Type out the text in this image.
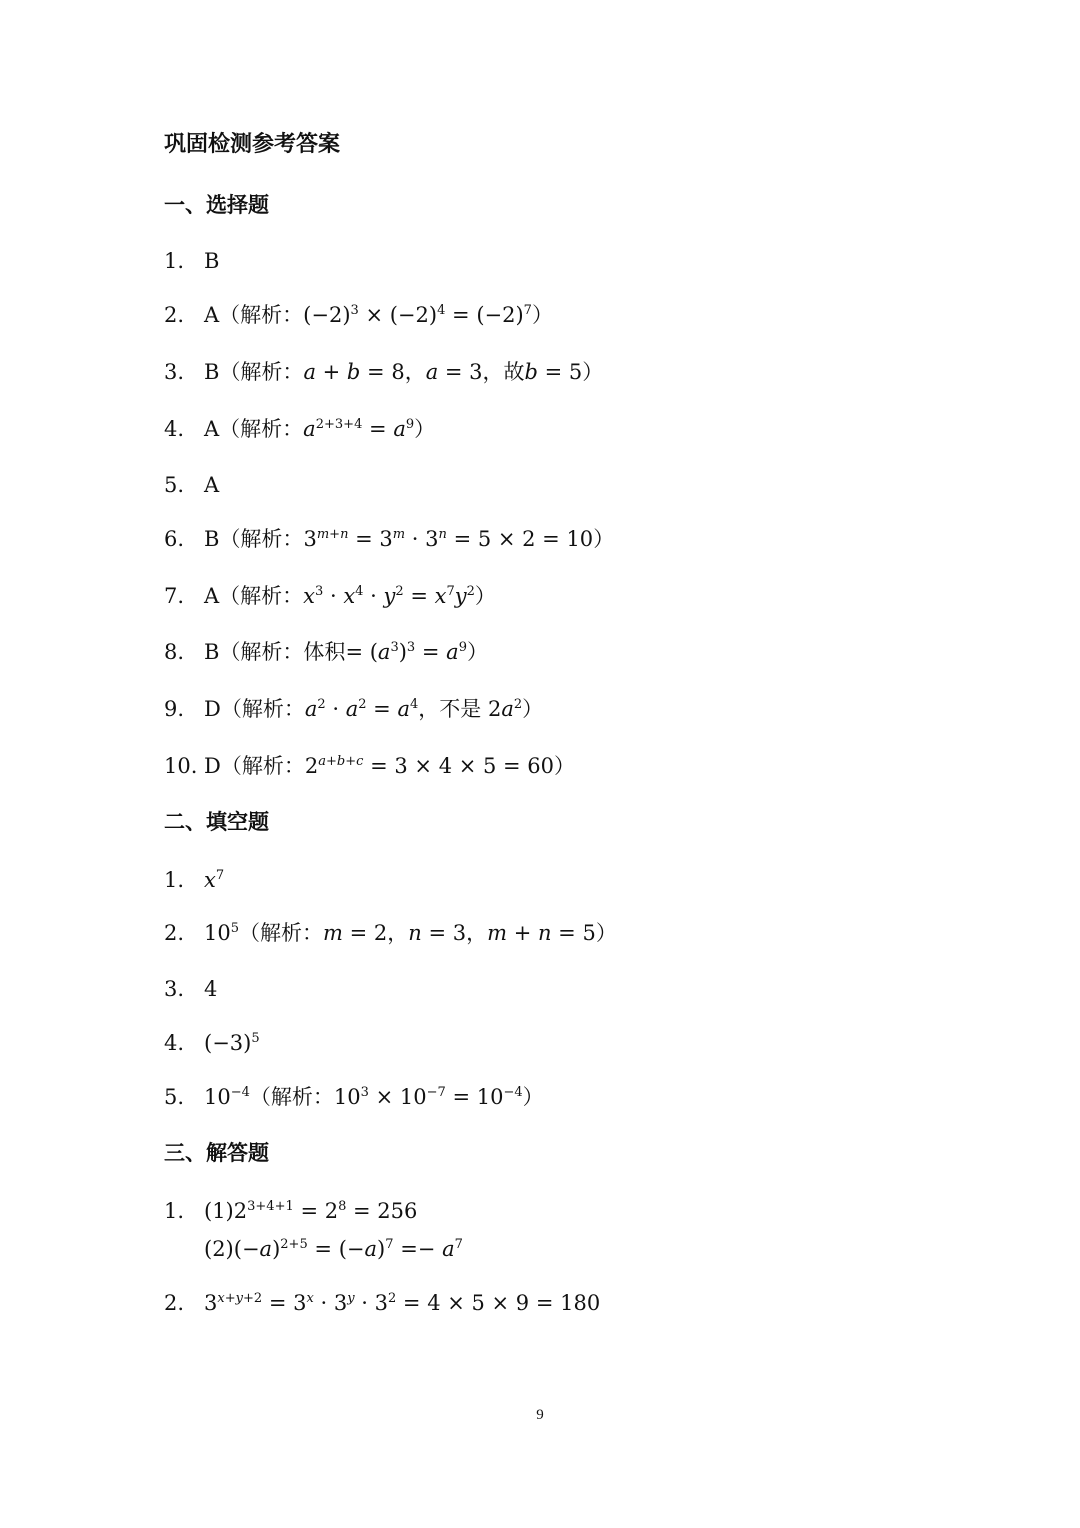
巩固检测参考答案
一、选择题
1. B
2. A（解析：$(-2)^3 \times (-2)^4 = (-2)^7$）
3. B（解析：a + b = 8，a = 3，故b = 5）
4. A（解析：$a^{2+3+4} = a^9$）
5. A
6. B（解析：$3^{m+n} = 3^m \cdot 3^n = 5 \times 2 = 10$）
7. A（解析：$x^3 \cdot x^4 \cdot y^2 = x^7y^2$）
8. B（解析：体积= $(a^3)^3 = a^9$）
9. D（解析：$a^2 \cdot a^2 = a^4$，不是 $2a^2$）
10. D（解析：$2^{a+b+c} = 3 \times 4 \times 5 = 60$）
二、填空题
1. $x^7$
2. $10^5$（解析：m = 2，n = 3，m + n = 5）
3. 4
4. $(-3)^5$
5. $10^{-4}$（解析：$10^3 \times 10^{-7} = 10^{-4}$）
三、解答题
1. $(1)2^{3+4+1} = 2^8 = 256$
$(2)(-a)^{2+5} = (-a)^7 =- a^7$
2. $3^{x+y+2} = 3^x \cdot 3^y \cdot 3^2 = 4 \times 5 \times 9 = 180$
9
